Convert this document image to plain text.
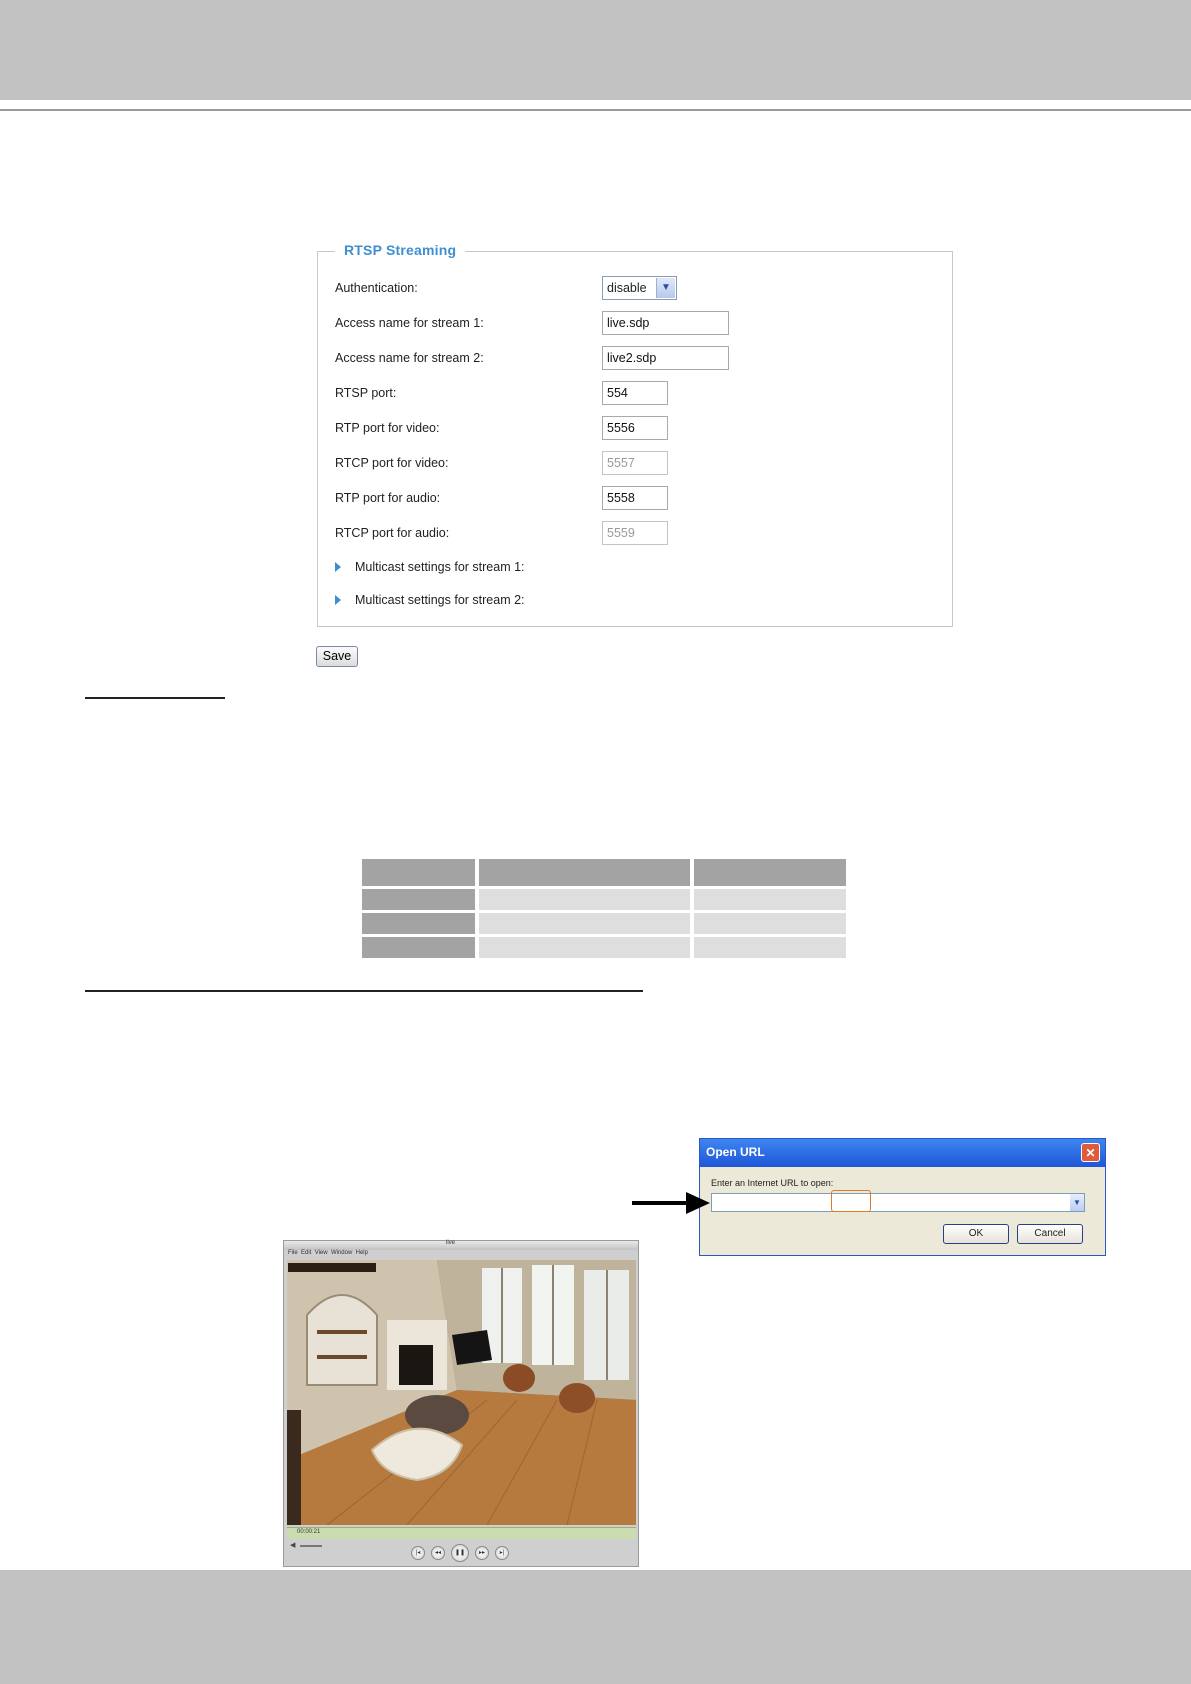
RTSP Streaming
Authentication:	disable	▼
Access name for stream 1:	live.sdp
Access name for stream 2:	live2.sdp
RTSP port:	554
RTP port for video:	5556
RTCP port for video:	5557
RTP port for audio:	5558
RTCP port for audio:	5559
Multicast settings for stream 1:
Multicast settings for stream 2:
Save
Open URL	✕
Enter an Internet URL to open:
▼
OK	Cancel
live
File Edit View Window Help
00:00:21
◀
|◂	◂◂	❚❚	▸▸	▸|
